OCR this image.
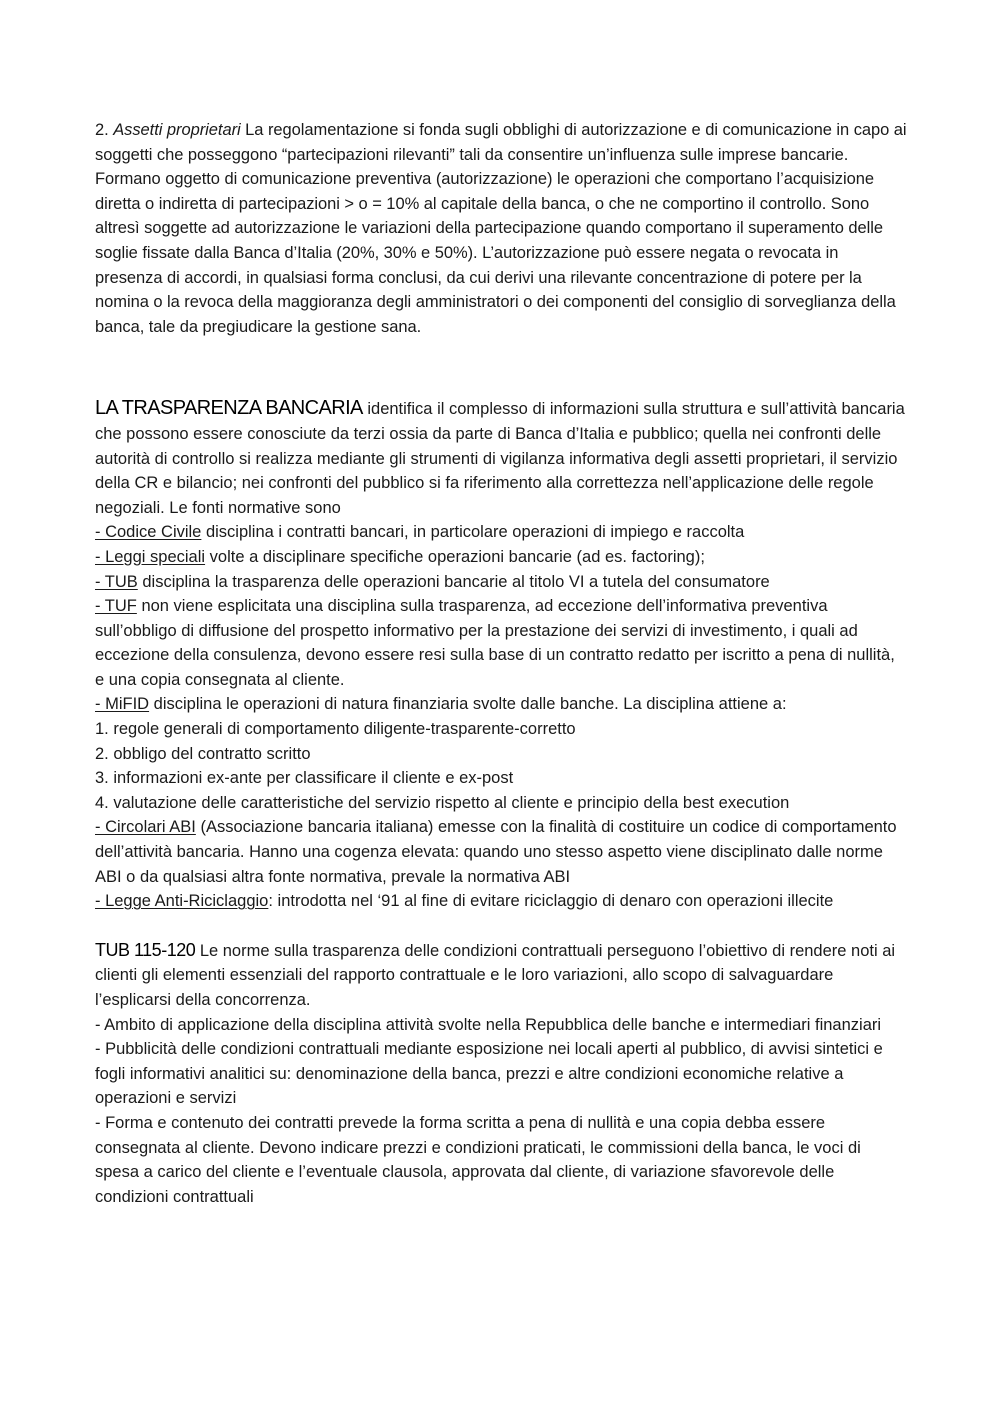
2. Assetti proprietari La regolamentazione si fonda sugli obblighi di autorizzazione e di comunicazione in capo ai soggetti che posseggono “partecipazioni rilevanti” tali da consentire un’influenza sulle imprese bancarie. Formano oggetto di comunicazione preventiva (autorizzazione) le operazioni che comportano l’acquisizione diretta o indiretta di partecipazioni > o = 10% al capitale della banca, o che ne comportino il controllo. Sono altresì soggette ad autorizzazione le variazioni della partecipazione quando comportano il superamento delle soglie fissate dalla Banca d’Italia (20%, 30% e 50%). L’autorizzazione può essere negata o revocata in presenza di accordi, in qualsiasi forma conclusi, da cui derivi una rilevante concentrazione di potere per la nomina o la revoca della maggioranza degli amministratori o dei componenti del consiglio di sorveglianza della banca, tale da pregiudicare la gestione sana.

LA TRASPARENZA BANCARIA identifica il complesso di informazioni sulla struttura e sull’attività bancaria che possono essere conosciute da terzi ossia da parte di Banca d’Italia e pubblico; quella nei confronti delle autorità di controllo si realizza mediante gli strumenti di vigilanza informativa degli assetti proprietari, il servizio della CR e bilancio; nei confronti del pubblico si fa riferimento alla correttezza nell’applicazione delle regole negoziali. Le fonti normative sono
- Codice Civile disciplina i contratti bancari, in particolare operazioni di impiego e raccolta
- Leggi speciali volte a disciplinare specifiche operazioni bancarie (ad es. factoring);
- TUB disciplina la trasparenza delle operazioni bancarie al titolo VI a tutela del consumatore
- TUF non viene esplicitata una disciplina sulla trasparenza, ad eccezione dell’informativa preventiva sull’obbligo di diffusione del prospetto informativo per la prestazione dei servizi di investimento, i quali ad eccezione della consulenza, devono essere resi sulla base di un contratto redatto per iscritto a pena di nullità, e una copia consegnata al cliente.
- MiFID disciplina le operazioni di natura finanziaria svolte dalle banche. La disciplina attiene a:
1. regole generali di comportamento diligente-trasparente-corretto
2. obbligo del contratto scritto
3. informazioni ex-ante per classificare il cliente e ex-post
4. valutazione delle caratteristiche del servizio rispetto al cliente e principio della best execution
- Circolari ABI (Associazione bancaria italiana) emesse con la finalità di costituire un codice di comportamento dell’attività bancaria. Hanno una cogenza elevata: quando uno stesso aspetto viene disciplinato dalle norme ABI o da qualsiasi altra fonte normativa, prevale la normativa ABI
- Legge Anti-Riciclaggio: introdotta nel ‘91 al fine di evitare riciclaggio di denaro con operazioni illecite
TUB 115-120 Le norme sulla trasparenza delle condizioni contrattuali perseguono l’obiettivo di rendere noti ai clienti gli elementi essenziali del rapporto contrattuale e le loro variazioni, allo scopo di salvaguardare l’esplicarsi della concorrenza.
- Ambito di applicazione della disciplina attività svolte nella Repubblica delle banche e intermediari finanziari
- Pubblicità delle condizioni contrattuali mediante esposizione nei locali aperti al pubblico, di avvisi sintetici e fogli informativi analitici su: denominazione della banca, prezzi e altre condizioni economiche relative a operazioni e servizi
- Forma e contenuto dei contratti prevede la forma scritta a pena di nullità e una copia debba essere consegnata al cliente. Devono indicare prezzi e condizioni praticati, le commissioni della banca, le voci di spesa a carico del cliente e l’eventuale clausola, approvata dal cliente, di variazione sfavorevole delle condizioni contrattuali
